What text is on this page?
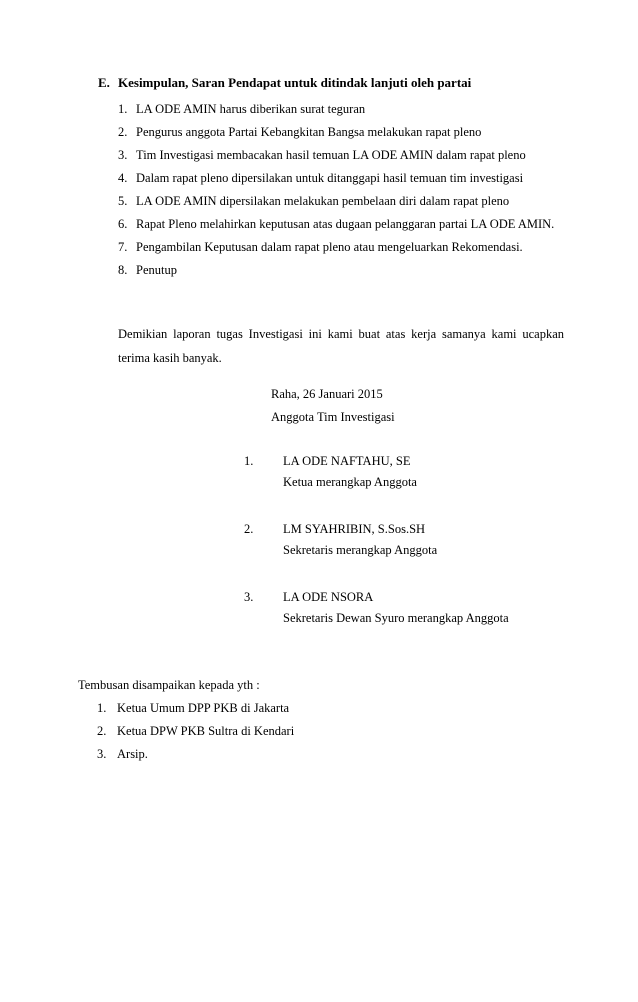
E. Kesimpulan, Saran Pendapat untuk ditindak lanjuti oleh partai
1. LA ODE AMIN harus diberikan surat teguran
2. Pengurus anggota Partai Kebangkitan Bangsa melakukan rapat pleno
3. Tim Investigasi membacakan hasil temuan LA ODE AMIN dalam rapat pleno
4. Dalam rapat pleno dipersilakan untuk ditanggapi hasil temuan tim investigasi
5. LA ODE AMIN dipersilakan melakukan pembelaan diri dalam rapat pleno
6. Rapat Pleno melahirkan keputusan atas dugaan pelanggaran partai LA ODE AMIN.
7. Pengambilan Keputusan dalam rapat pleno atau mengeluarkan Rekomendasi.
8. Penutup

Demikian laporan tugas Investigasi ini kami buat atas kerja samanya kami ucapkan terima kasih banyak.

Raha, 26 Januari 2015
Anggota Tim Investigasi
1.	LA ODE NAFTAHU, SE
Ketua merangkap Anggota
2.	LM SYAHRIBIN, S.Sos.SH
Sekretaris merangkap Anggota
3.	LA ODE NSORA
Sekretaris Dewan Syuro merangkap Anggota
Tembusan disampaikan kepada yth :
1. Ketua Umum DPP PKB di Jakarta
2. Ketua DPW PKB Sultra di Kendari
3. Arsip.
